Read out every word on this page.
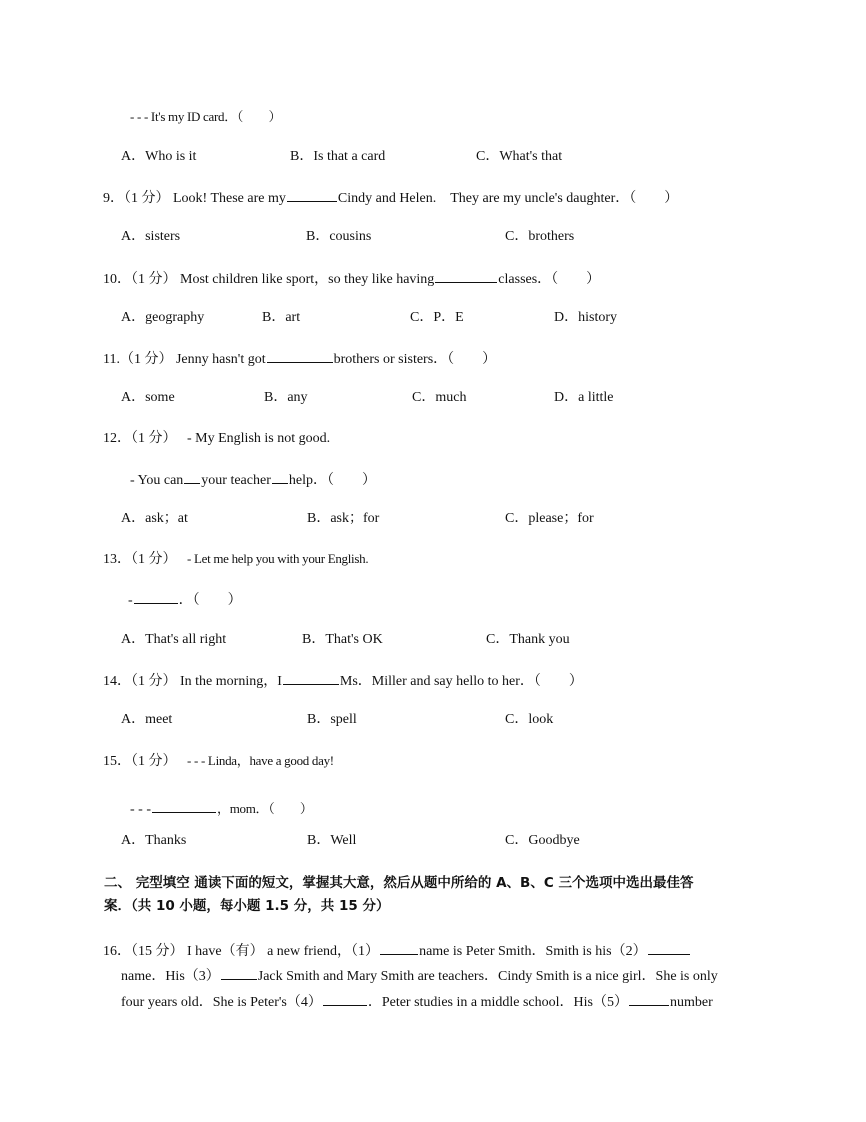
- - - It's my ID card．（　　）
A．Who is it	B．Is that a card	C．What's that
9．（1 分） Look! These are my	Cindy and Helen.　They are my uncle's daughter．（　　）
A．sisters	B．cousins	C．brothers
10．（1 分） Most children like sport，so they like having	classes．（　　）
A．geography	B．art	C．P．E	D．history
11.（1 分） Jenny hasn't got	brothers or sisters．（　　）
A．some	B．any	C．much	D．a little
12．（1 分） - My English is not good.
- You can your teacher help．（　　）
A．ask；at	B．ask；for	C．please；for
13．（1 分） - Let me help you with your English.
-	．（　　）
A．That's all right	B．That's OK	C．Thank you
14．（1 分） In the morning，I	Ms．Miller and say hello to her．（　　）
A．meet	B．spell	C．look
15．（1 分） - - - Linda，have a good day!
- - -	，mom．（　　）
A．Thanks	B．Well	C．Goodbye
二、 完型填空 通读下面的短文，掌握其大意，然后从题中所给的 A、B、C 三个选项中选出最佳答
案．（共 10 小题，每小题 1.5 分，共 15 分）
16．（15 分） I have（有） a new friend，（1）	name is Peter Smith．Smith is his（2）
name．His（3）	Jack Smith and Mary Smith are teachers．Cindy Smith is a nice girl．She is only
four years old．She is Peter's（4）	．Peter studies in a middle school．His（5）	number
